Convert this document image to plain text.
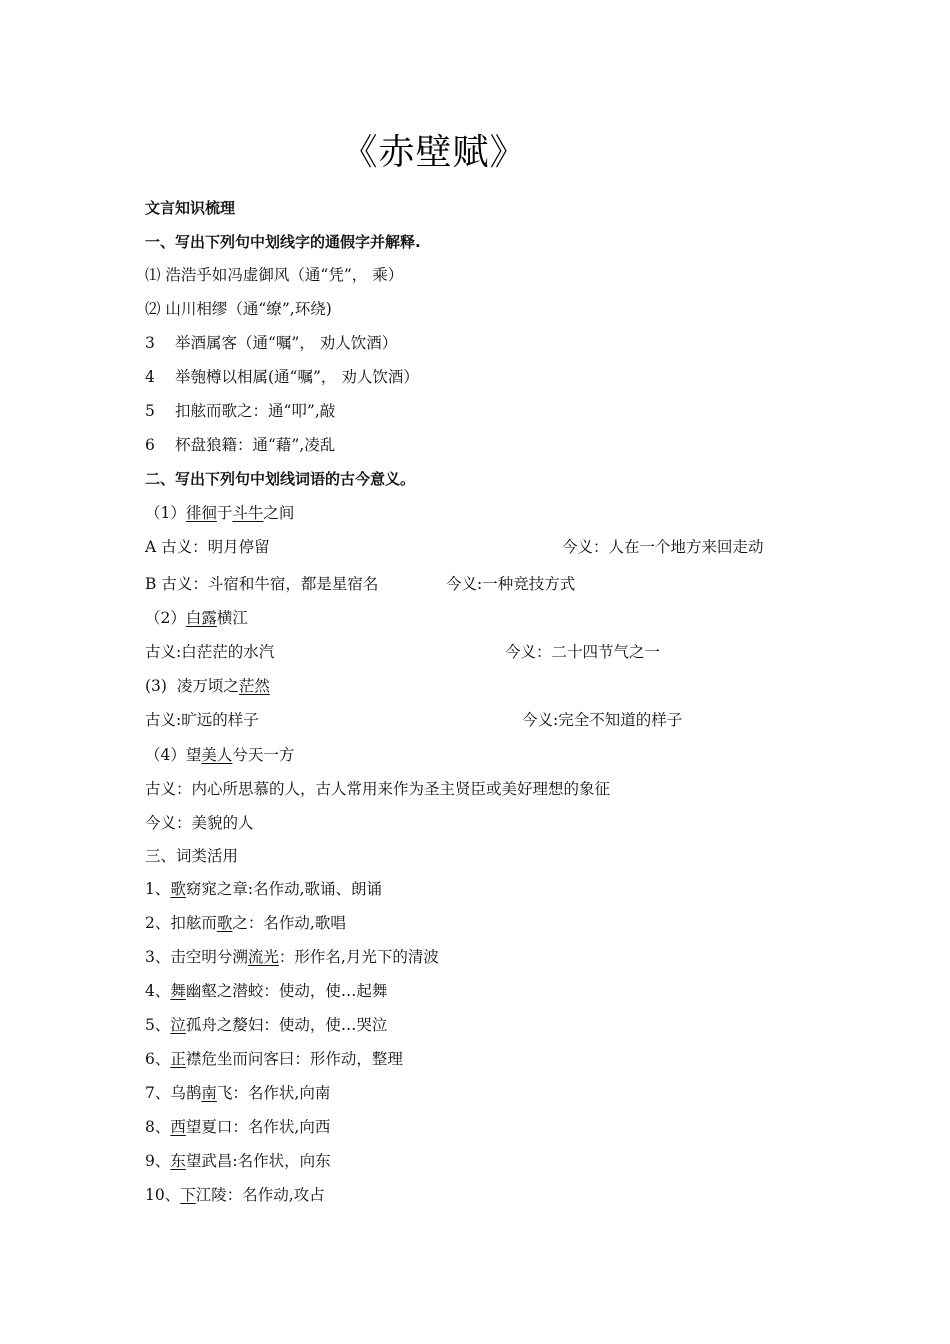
《赤壁赋》
文言知识梳理
一、写出下列句中划线字的通假字并解释.
⑴ 浩浩乎如冯虚御风（通“凭”， 乘）
⑵ 山川相缪（通“缭”,环绕)
3 举酒属客（通“嘱”， 劝人饮酒）
4 举匏樽以相属(通“嘱”， 劝人饮酒）
5 扣舷而歌之：通“叩”,敲
6 杯盘狼籍：通“藉”,凌乱
二、写出下列句中划线词语的古今意义。
（1）徘徊于斗牛之间
A 古义：明月停留	今义：人在一个地方来回走动
B 古义：斗宿和牛宿，都是星宿名	今义:一种竞技方式
（2）白露横江
古义:白茫茫的水汽	今义：二十四节气之一
(3) 凌万顷之茫然
古义:旷远的样子	今义:完全不知道的样子
（4）望美人兮天一方
古义：内心所思慕的人，古人常用来作为圣主贤臣或美好理想的象征
今义：美貌的人
三、词类活用
1、歌窈窕之章:名作动,歌诵、朗诵
2、扣舷而歌之：名作动,歌唱
3、击空明兮溯流光：形作名,月光下的清波
4、舞幽壑之潜蛟：使动，使…起舞
5、泣孤舟之嫠妇：使动，使…哭泣
6、正襟危坐而问客曰：形作动，整理
7、乌鹊南飞：名作状,向南
8、西望夏口：名作状,向西
9、东望武昌:名作状，向东
10、下江陵：名作动,攻占
